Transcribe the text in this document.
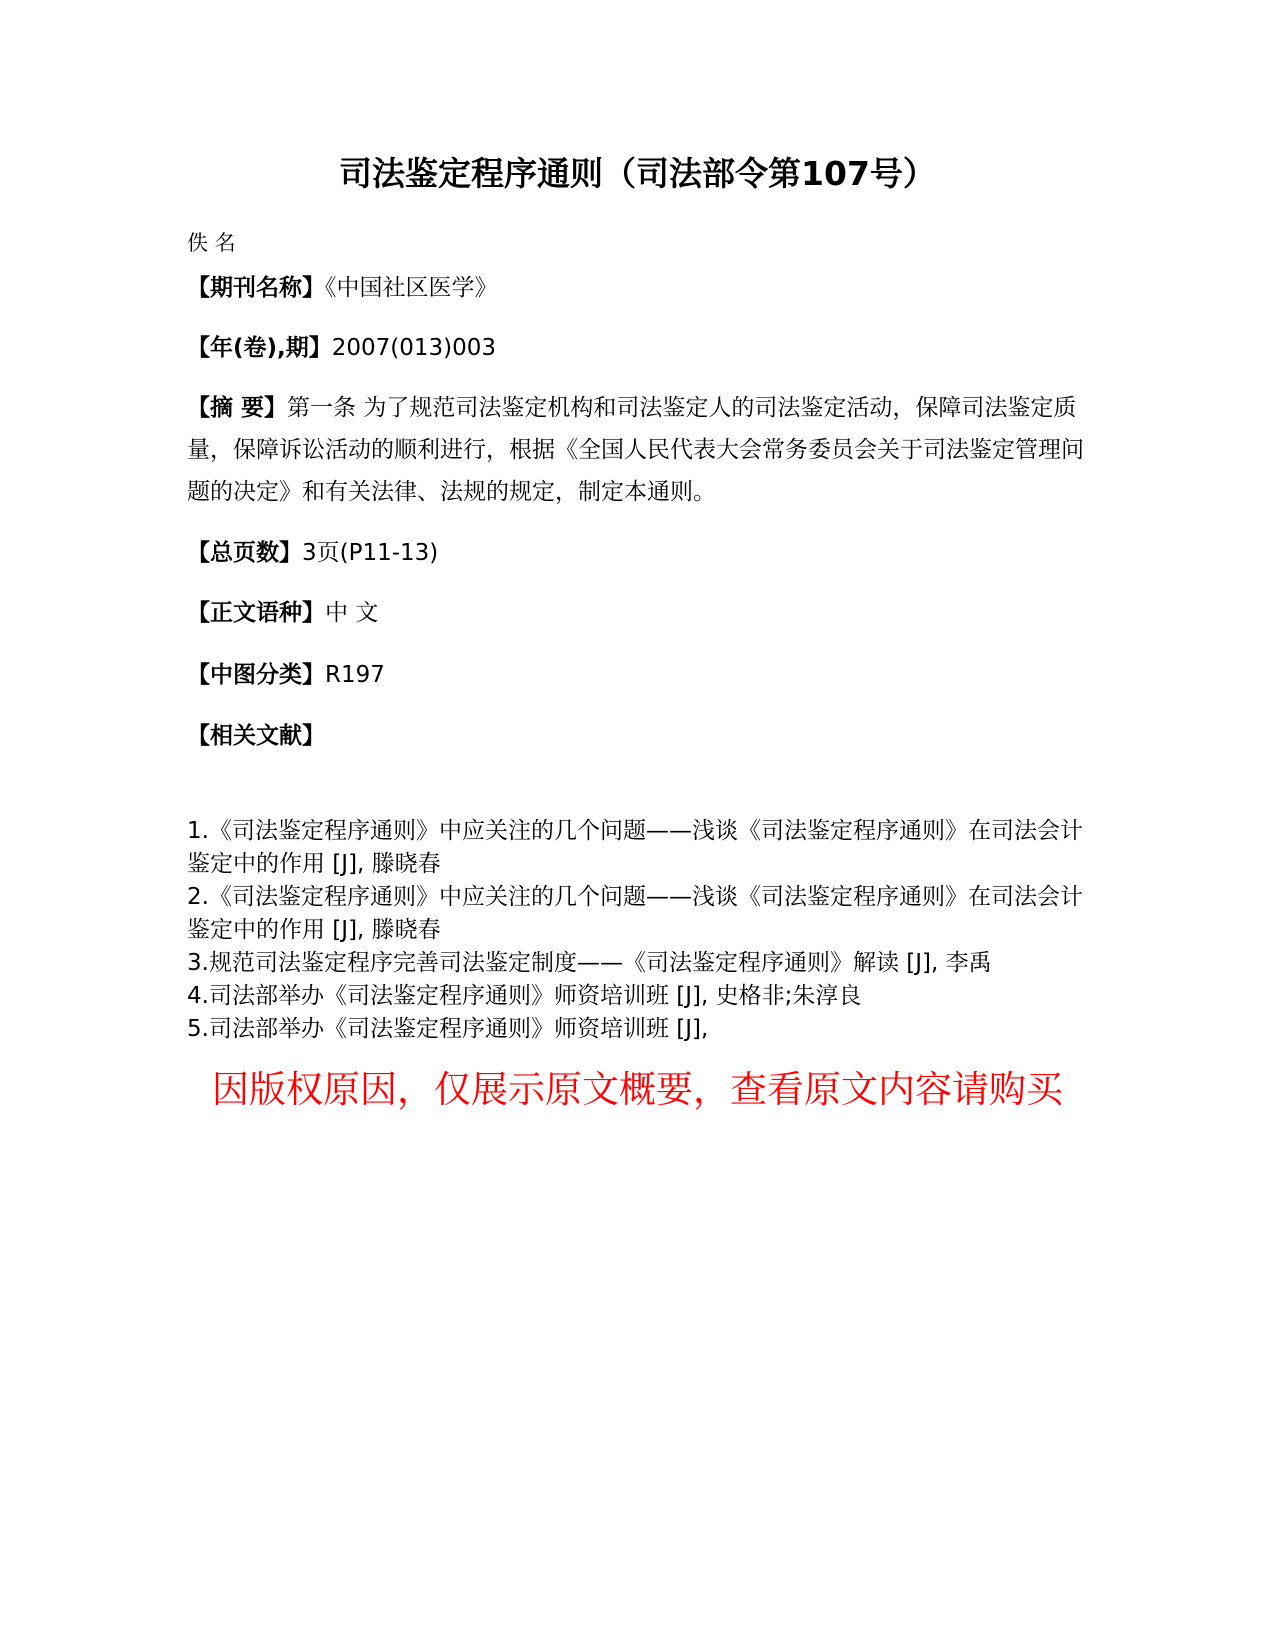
司法鉴定程序通则（司法部令第107号）

佚 名

【期刊名称】《中国社区医学》

【年(卷),期】2007(013)003

【摘 要】第一条 为了规范司法鉴定机构和司法鉴定人的司法鉴定活动，保障司法鉴定质量，保障诉讼活动的顺利进行，根据《全国人民代表大会常务委员会关于司法鉴定管理问题的决定》和有关法律、法规的规定，制定本通则。

【总页数】3页(P11-13)

【正文语种】中 文

【中图分类】R197

【相关文献】

1.《司法鉴定程序通则》中应关注的几个问题——浅谈《司法鉴定程序通则》在司法会计鉴定中的作用 [J], 滕晓春
2.《司法鉴定程序通则》中应关注的几个问题——浅谈《司法鉴定程序通则》在司法会计鉴定中的作用 [J], 滕晓春
3.规范司法鉴定程序完善司法鉴定制度——《司法鉴定程序通则》解读 [J], 李禹
4.司法部举办《司法鉴定程序通则》师资培训班 [J], 史格非;朱淳良
5.司法部举办《司法鉴定程序通则》师资培训班 [J],

因版权原因，仅展示原文概要，查看原文内容请购买
